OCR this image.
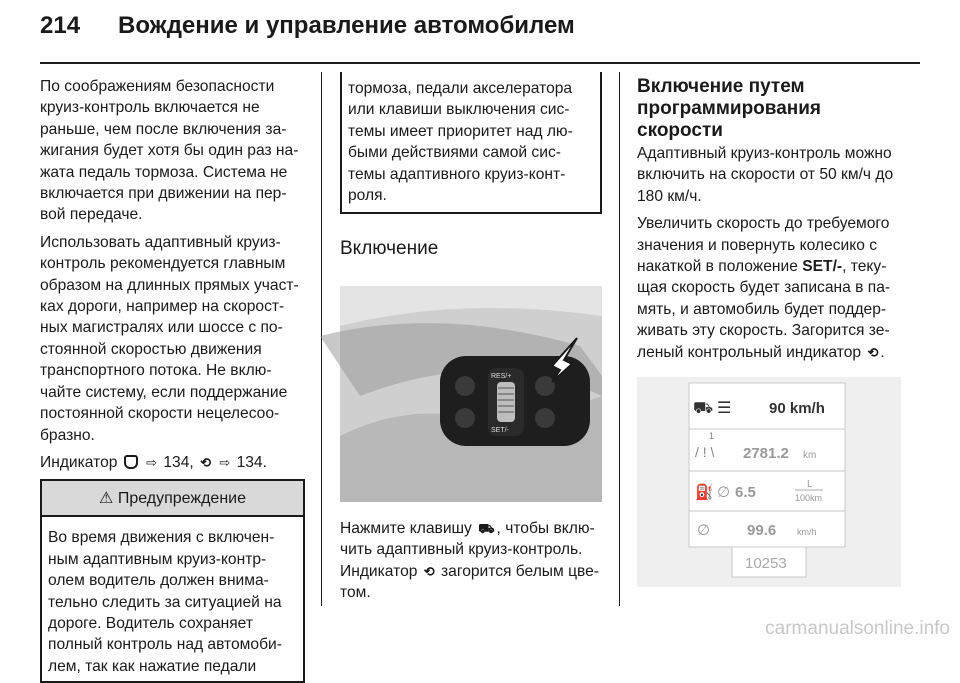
214 Вождение и управление автомобилем

По соображениям безопасности круиз-контроль включается не раньше, чем после включения за-жигания будет хотя бы один раз на-жата педаль тормоза. Система не включается при движении на пер-вой передаче.

Использовать адаптивный круиз-контроль рекомендуется главным образом на длинных прямых участ-ках дороги, например на скорост-ных магистралях или шоссе с по-стоянной скоростью движения транспортного потока. Не вклю-чайте систему, если поддержание постоянной скорости нецелесоо-бразно.

Индикатор ⇨ 134, ⟲ ⇨ 134.

⚠ Предупреждение
Во время движения с включен-ным адаптивным круиз-контр-олем водитель должен внима-тельно следить за ситуацией на дороге. Водитель сохраняет полный контроль над автомоби-лем, так как нажатие педали
тормоза, педали акселератора или клавиши выключения сис-темы имеет приоритет над лю-быми действиями самой сис-темы адаптивного круиз-конт-роля.
Включение
RES/+
SET/-

Нажмите клавишу ⛟ , чтобы вклю-чить адаптивный круиз-контроль. Индикатор ⟲ загорится белым цве-том.

Включение путем программирования скорости

Адаптивный круиз-контроль можно включить на скорости от 50 км/ч до 180 км/ч.

Увеличить скорость до требуемого значения и повернуть колесико с накаткой в положение SET/-, теку-щая скорость будет записана в па-мять, и автомобиль будет поддер-живать эту скорость. Загорится зе-леный контрольный индикатор ⟲ .

⛟ ☰	90 km/h
1
/ ! \ 2781.2 km
⛽ ∅ 6.5	L
100km
∅ 99.6 km/h
10253
carmanualsonline.info
